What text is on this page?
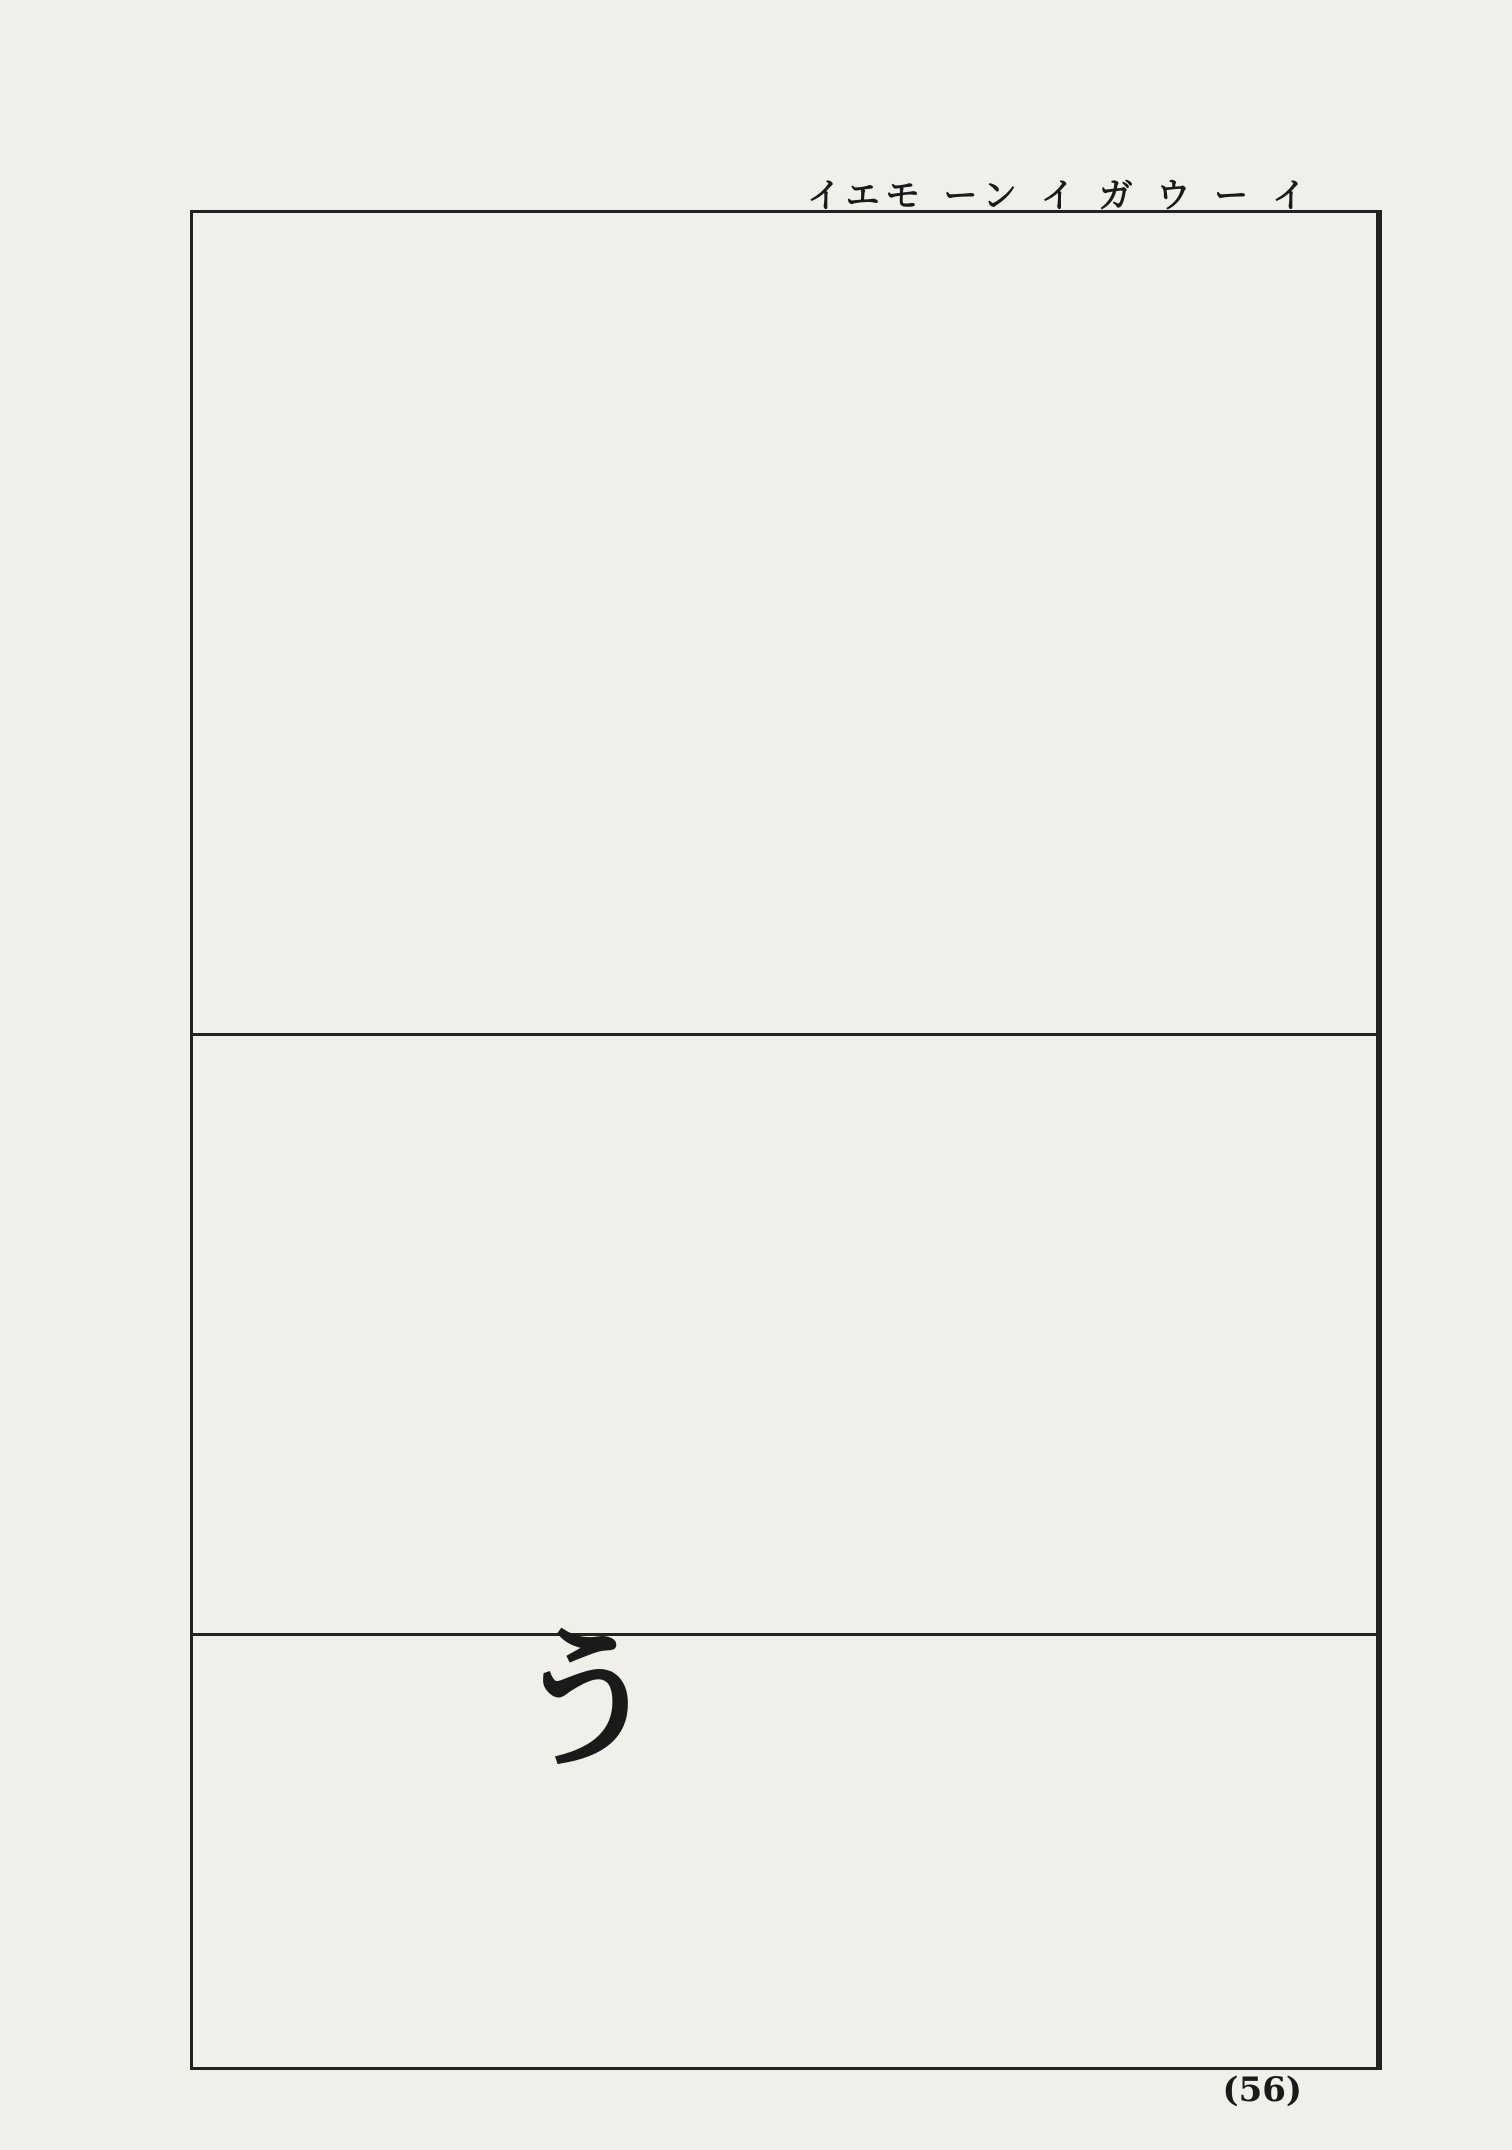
イエモ ーン イ ガ ウ ー イ
う
(56)
